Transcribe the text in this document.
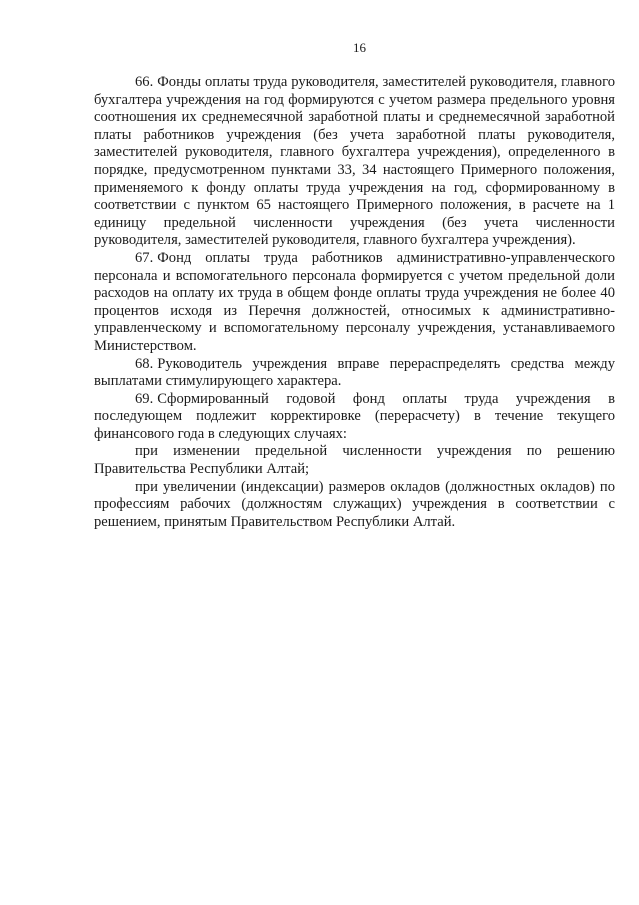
16

66. Фонды оплаты труда руководителя, заместителей руководителя, главного бухгалтера учреждения на год формируются с учетом размера предельного уровня соотношения их среднемесячной заработной платы и среднемесячной заработной платы работников учреждения (без учета заработной платы руководителя, заместителей руководителя, главного бухгалтера учреждения), определенного в порядке, предусмотренном пунктами 33, 34 настоящего Примерного положения, применяемого к фонду оплаты труда учреждения на год, сформированному в соответствии с пунктом 65 настоящего Примерного положения, в расчете на 1 единицу предельной численности учреждения (без учета численности руководителя, заместителей руководителя, главного бухгалтера учреждения).

67. Фонд оплаты труда работников административно-управленческого персонала и вспомогательного персонала формируется с учетом предельной доли расходов на оплату их труда в общем фонде оплаты труда учреждения не более 40 процентов исходя из Перечня должностей, относимых к административно-управленческому и вспомогательному персоналу учреждения, устанавливаемого Министерством.

68. Руководитель учреждения вправе перераспределять средства между выплатами стимулирующего характера.

69. Сформированный годовой фонд оплаты труда учреждения в последующем подлежит корректировке (перерасчету) в течение текущего финансового года в следующих случаях:

при изменении предельной численности учреждения по решению Правительства Республики Алтай;

при увеличении (индексации) размеров окладов (должностных окладов) по профессиям рабочих (должностям служащих) учреждения в соответствии с решением, принятым Правительством Республики Алтай.
